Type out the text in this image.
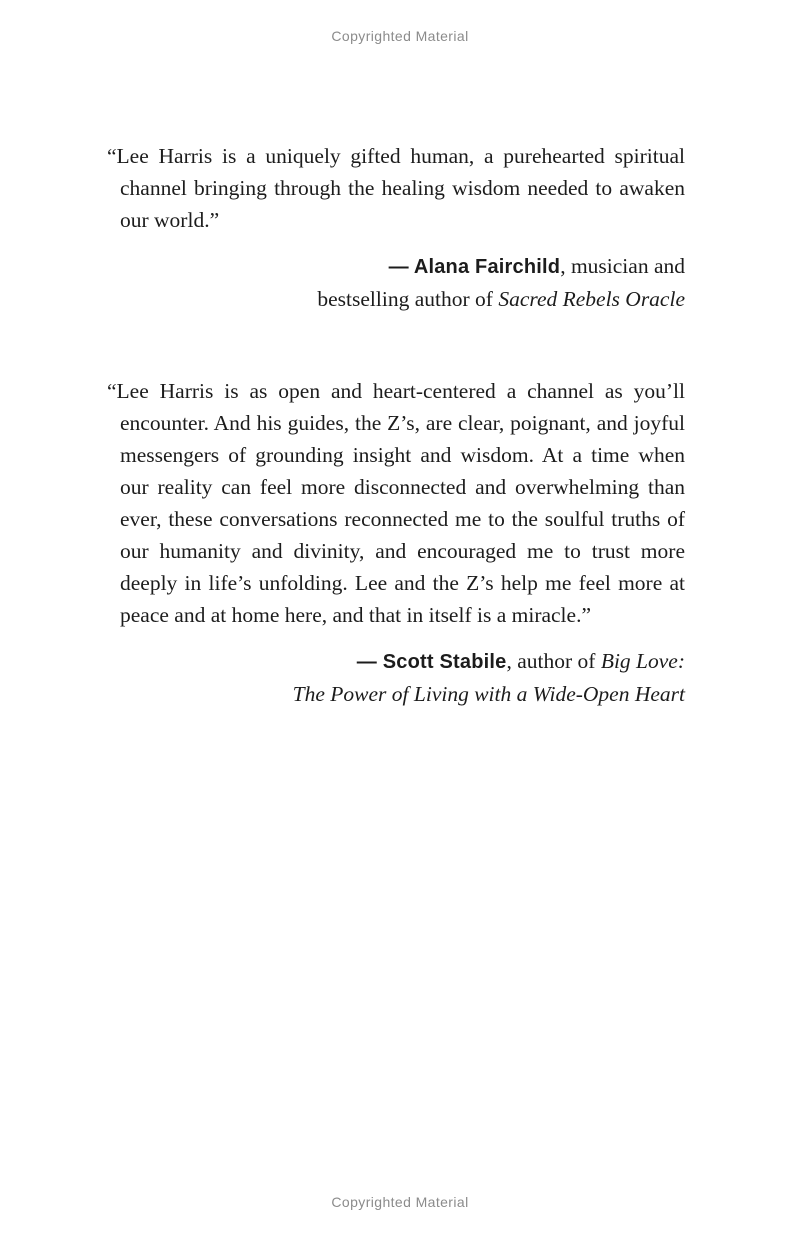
Copyrighted Material

“Lee Harris is a uniquely gifted human, a purehearted spiritual channel bringing through the healing wisdom needed to awaken our world.”

— Alana Fairchild, musician and
bestselling author of Sacred Rebels Oracle

“Lee Harris is as open and heart-centered a channel as you’ll encounter. And his guides, the Z’s, are clear, poignant, and joyful messengers of grounding insight and wisdom. At a time when our reality can feel more disconnected and overwhelming than ever, these conversations reconnected me to the soulful truths of our humanity and divinity, and encouraged me to trust more deeply in life’s unfolding. Lee and the Z’s help me feel more at peace and at home here, and that in itself is a miracle.”

— Scott Stabile, author of Big Love:
The Power of Living with a Wide-Open Heart
Copyrighted Material
